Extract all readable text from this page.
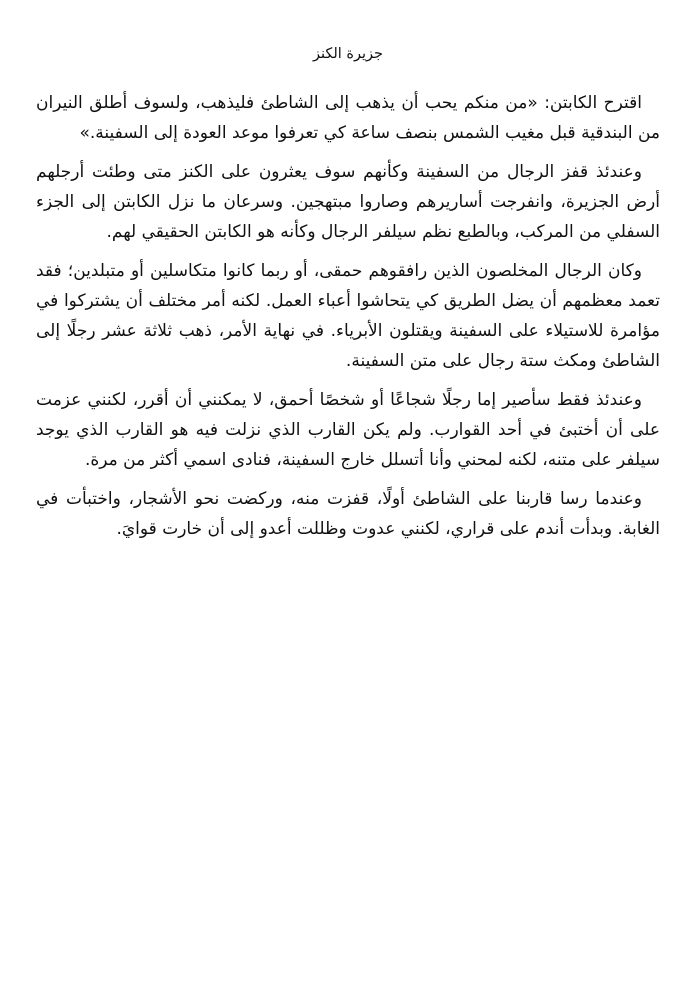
جزيرة الكنز

اقترح الكابتن: «من منكم يحب أن يذهب إلى الشاطئ فليذهب، ولسوف أطلق النيران من البندقية قبل مغيب الشمس بنصف ساعة كي تعرفوا موعد العودة إلى السفينة.»

وعندئذ قفز الرجال من السفينة وكأنهم سوف يعثرون على الكنز متى وطئت أرجلهم أرض الجزيرة، وانفرجت أساريرهم وصاروا مبتهجين. وسرعان ما نزل الكابتن إلى الجزء السفلي من المركب، وبالطبع نظم سيلفر الرجال وكأنه هو الكابتن الحقيقي لهم.

وكان الرجال المخلصون الذين رافقوهم حمقى، أو ربما كانوا متكاسلين أو متبلدين؛ فقد تعمد معظمهم أن يضل الطريق كي يتحاشوا أعباء العمل. لكنه أمر مختلف أن يشتركوا في مؤامرة للاستيلاء على السفينة ويقتلون الأبرياء. في نهاية الأمر، ذهب ثلاثة عشر رجلًا إلى الشاطئ ومكث ستة رجال على متن السفينة.

وعندئذ فقط سأصير إما رجلًا شجاعًا أو شخصًا أحمق، لا يمكنني أن أقرر، لكنني عزمت على أن أختبئ في أحد القوارب. ولم يكن القارب الذي نزلت فيه هو القارب الذي يوجد سيلفر على متنه، لكنه لمحني وأنا أتسلل خارج السفينة، فنادى اسمي أكثر من مرة.

وعندما رسا قاربنا على الشاطئ أولًا، قفزت منه، وركضت نحو الأشجار، واختبأت في الغابة. وبدأت أندم على قراري، لكنني عدوت وظللت أعدو إلى أن خارت قوايَ.
